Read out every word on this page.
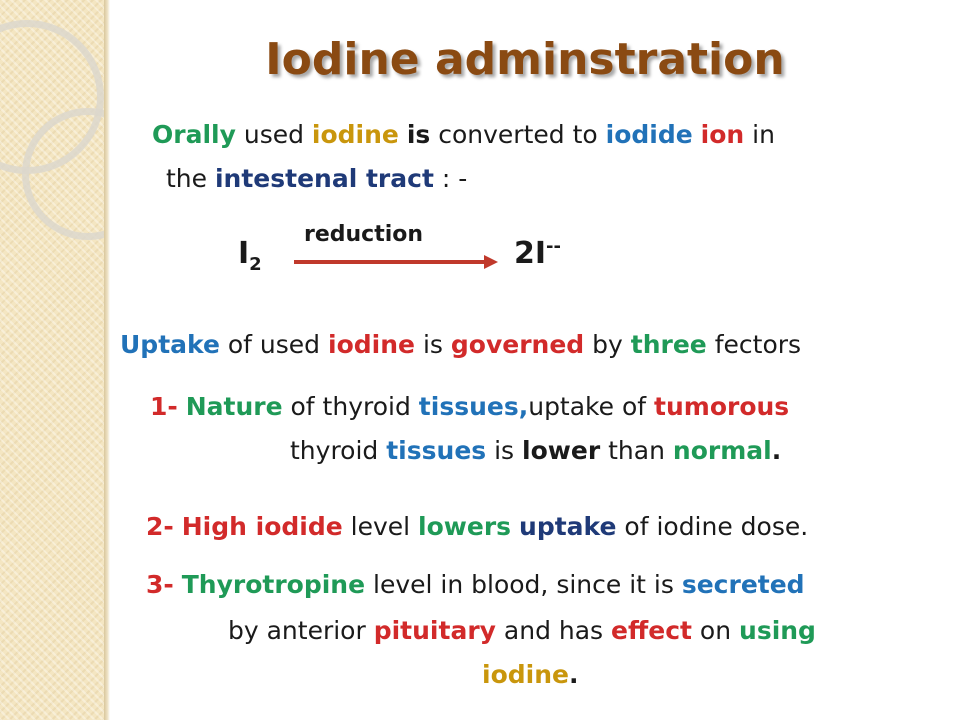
Iodine adminstration
Orally used iodine is converted to iodide ion in
the intestenal tract : -
$I_2$
reduction
2I--
Uptake of used iodine is governed by three fectors
1- Nature of thyroid tissues,uptake of tumorous
thyroid tissues is lower than normal.
2- High iodide level lowers uptake of iodine dose.
3- Thyrotropine level in blood, since it is secreted
by anterior pituitary and has effect on using
iodine.
